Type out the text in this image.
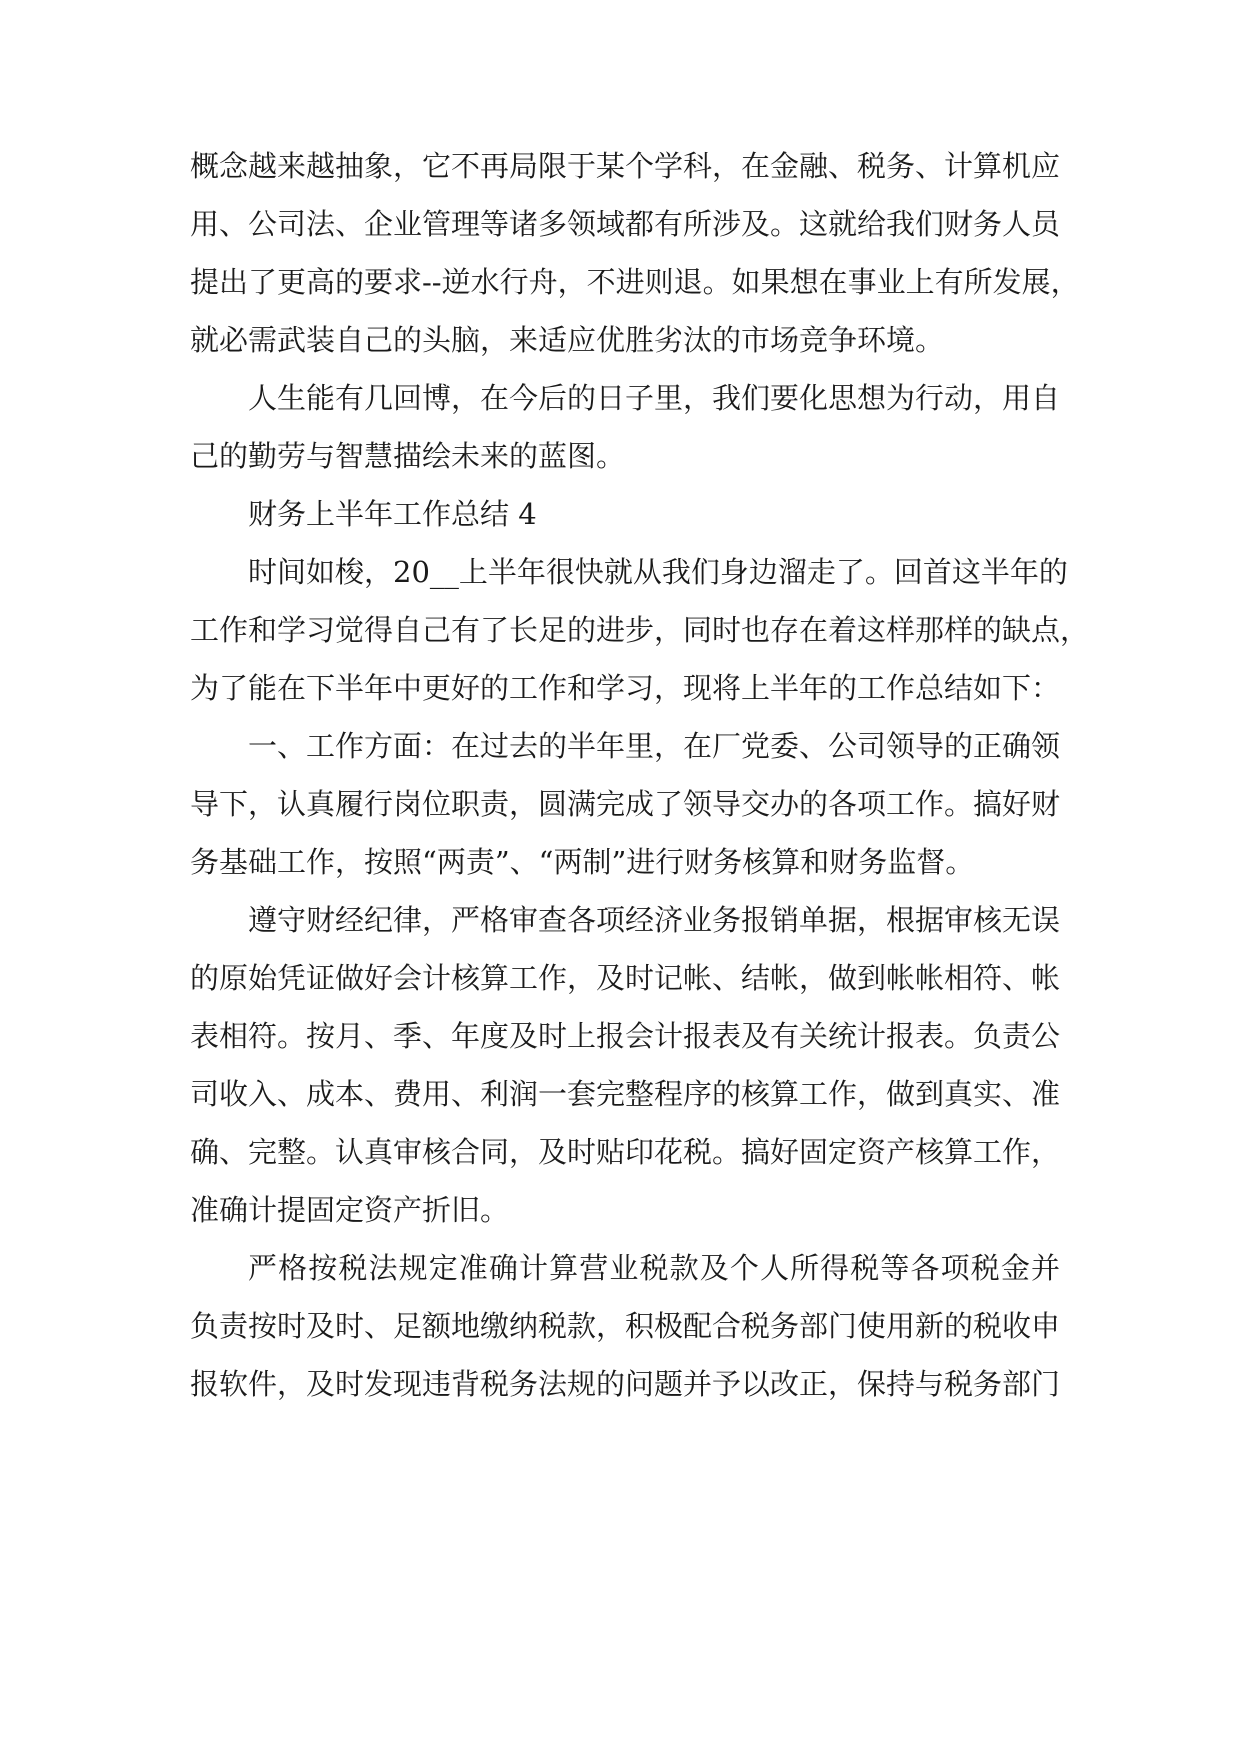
概念越来越抽象，它不再局限于某个学科，在金融、税务、计算机应
用、公司法、企业管理等诸多领域都有所涉及。这就给我们财务人员
提出了更高的要求--逆水行舟，不进则退。如果想在事业上有所发展，
就必需武装自己的头脑，来适应优胜劣汰的市场竞争环境。
人生能有几回博，在今后的日子里，我们要化思想为行动，用自
己的勤劳与智慧描绘未来的蓝图。
财务上半年工作总结 4
时间如梭，20__上半年很快就从我们身边溜走了。回首这半年的
工作和学习觉得自己有了长足的进步，同时也存在着这样那样的缺点，
为了能在下半年中更好的工作和学习，现将上半年的工作总结如下：
一、工作方面：在过去的半年里，在厂党委、公司领导的正确领
导下，认真履行岗位职责，圆满完成了领导交办的各项工作。搞好财
务基础工作，按照“两责”、“两制”进行财务核算和财务监督。
遵守财经纪律，严格审查各项经济业务报销单据，根据审核无误
的原始凭证做好会计核算工作，及时记帐、结帐，做到帐帐相符、帐
表相符。按月、季、年度及时上报会计报表及有关统计报表。负责公
司收入、成本、费用、利润一套完整程序的核算工作，做到真实、准
确、完整。认真审核合同，及时贴印花税。搞好固定资产核算工作，
准确计提固定资产折旧。
严格按税法规定准确计算营业税款及个人所得税等各项税金并
负责按时及时、足额地缴纳税款，积极配合税务部门使用新的税收申
报软件，及时发现违背税务法规的问题并予以改正，保持与税务部门
